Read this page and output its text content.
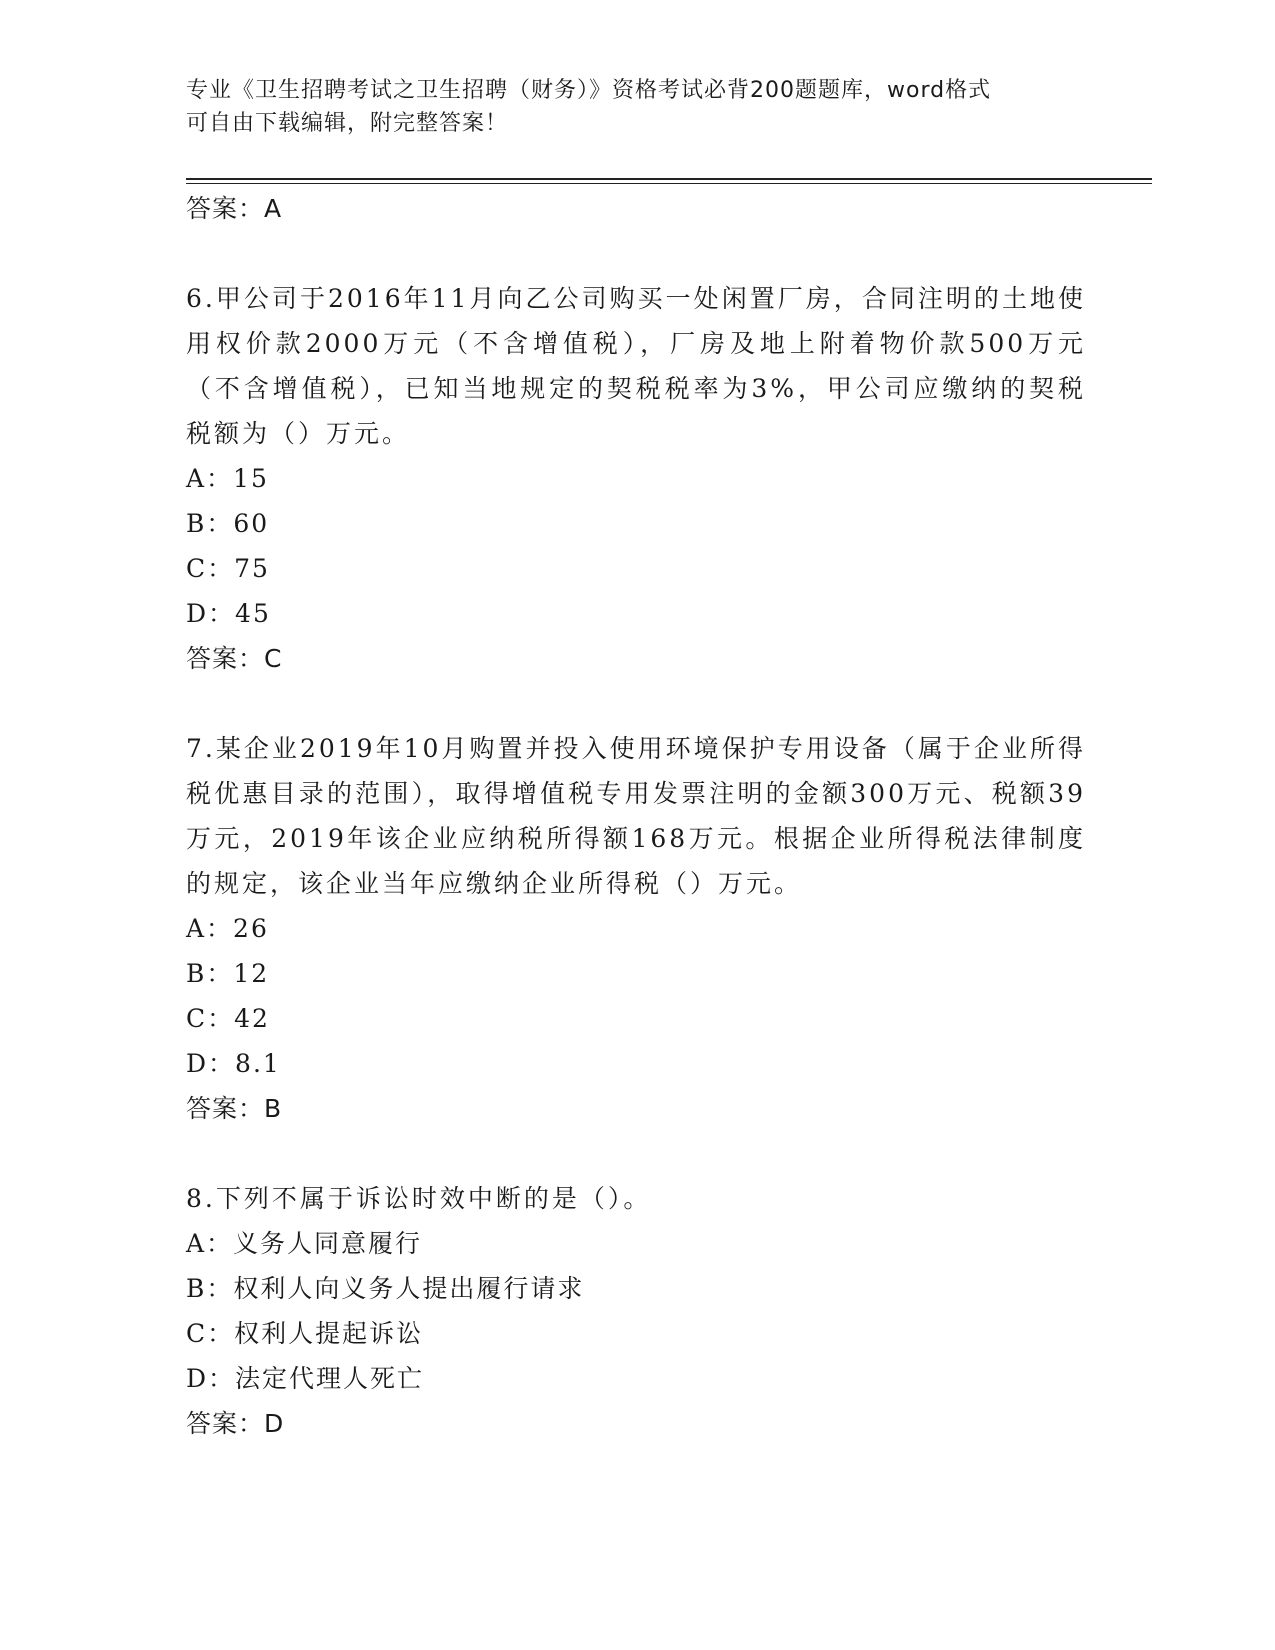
专业《卫生招聘考试之卫生招聘（财务）》资格考试必背200题题库，word格式
可自由下载编辑，附完整答案！

答案：A

6.甲公司于2016年11月向乙公司购买一处闲置厂房，合同注明的土地使用权价款2000万元（不含增值税），厂房及地上附着物价款500万元（不含增值税），已知当地规定的契税税率为3%，甲公司应缴纳的契税税额为（）万元。

A：15

B：60

C：75

D：45

答案：C

7.某企业2019年10月购置并投入使用环境保护专用设备（属于企业所得税优惠目录的范围），取得增值税专用发票注明的金额300万元、税额39万元，2019年该企业应纳税所得额168万元。根据企业所得税法律制度的规定，该企业当年应缴纳企业所得税（）万元。

A：26

B：12

C：42

D：8.1

答案：B

8.下列不属于诉讼时效中断的是（）。

A：义务人同意履行

B：权利人向义务人提出履行请求

C：权利人提起诉讼

D：法定代理人死亡

答案：D
